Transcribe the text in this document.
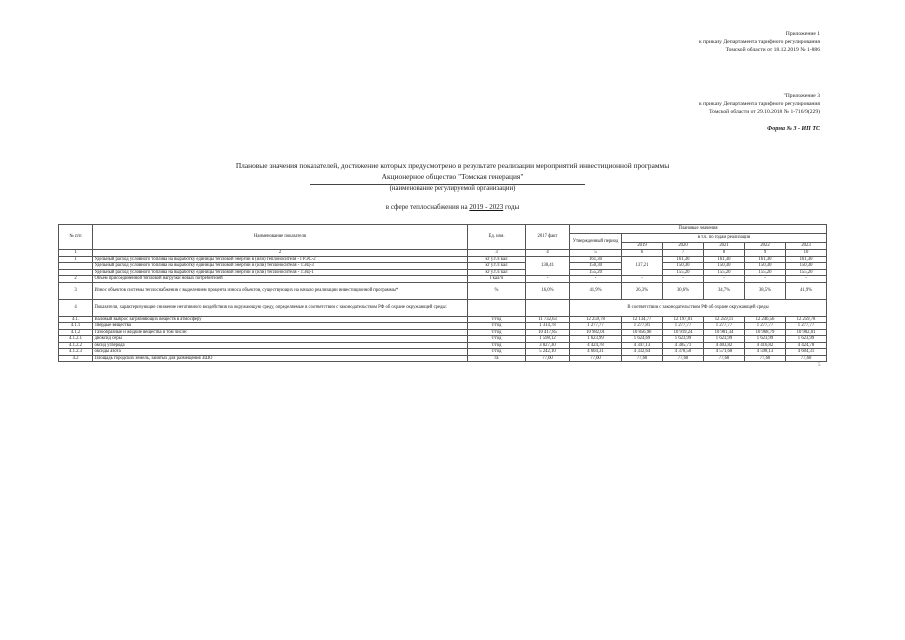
Приложение 1
к приказу Департамента тарифного регулирования
Томской области от 18.12.2019 № 1-886
"Приложение 3
к приказу Департамента тарифного регулирования
Томской области от 29.10.2018 № 1-716/9(229)
Форма № 3 - ИП ТС
Плановые значения показателей, достижение которых предусмотрено в результате реализации мероприятий инвестиционной программы
Акционерное общество "Томская генерация"
(наименование регулируемой организации)
в сфере теплоснабжения на 2019 - 2023 годы
№ п/п	Наименование показателя	Ед. изм.	2017 факт	Плановые значения					
				Утвержденный период	в т.ч. по годам реализации				
					2019	2020	2021	2022	2023
1	2	3	4	5	6	7	8	9	10
1	Удельный расход условного топлива на выработку единицы тепловой энергии в (или) теплоносителя - ГРЭС-2	кг у.т./Гкал	138,41	161,30	137,21	161,30	161,30	161,30	161,30
	Удельный расход условного топлива на выработку единицы тепловой энергии и (или) теплоносителя - ТЭЦ-3	кг у.т./Гкал		150,30		150,30	150,30	150,30	150,30
	Удельный расход условного топлива на выработку единицы тепловой энергии и (или) теплоносителя - ТЭЦ-1	кг у.т./Гкал		155,20		155,20	155,20	155,20	155,20
2	Объем присоединенной тепловой нагрузки новых потребителей	Гкал/ч	-	-	-	-	-	-	-
3	Износ объектов системы теплоснабжения с выделением процента износа объектов, существующих на начало реализации инвестиционной программы*	%	16,0%	41,9%	26,3%	30,6%	34,7%	38,5%	41,9%
4	Показатели, характеризующие снижение негативного воздействия на окружающую среду, определяемые в соответствии с законодательством РФ об охране окружающей среды:			В соответствии с законодательством РФ об охране окружающей среды					
4.1.	Валовый выброс загрязняющих веществ в атмосферу	т/год	11 732,63	12 259,78	12 134,77	12 197,01	12 259,11	12 246,56	12 259,78
4.1.1	Твердые вещества	т/год	1 314,78	1 277,77	1 277,81	1 277,77	1 277,77	1 277,77	1 277,77
4.1.2	Газообразные и жидкие вещества и том числе:	т/год	10 417,85	10 982,01	10 856,96	10 919,24	10 981,34	10 968,79	10 982,01
4.1.2.1	диоксид серы	т/год	1 598,12	1 623,99	1 624,69	1 623,99	1 623,99	1 623,99	1 623,99
4.1.2.2	оксид углерода	т/год	3 827,30	4 424,78	4 347,13	4 385,71	4 403,82	4 416,82	4 424,78
4.1.2.3	оксиды азота	т/год	5 242,10	4 604,31	4 332,64	4 378,50	4 571,68	4 598,13	4 604,31
4.2	Площадь городских земель, занятых для размещения ЗШО	га	77,60	77,60	77,60	77,60	77,60	77,60	77,60
5
